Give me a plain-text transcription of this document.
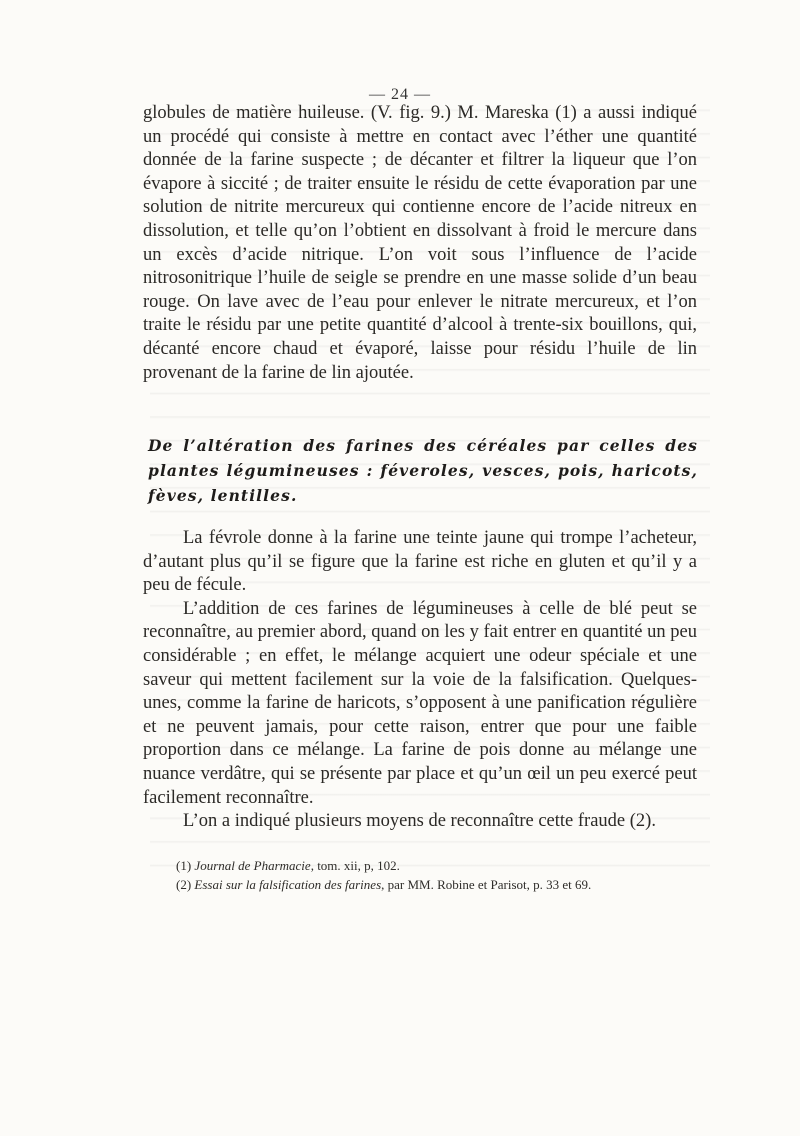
— 24 —

globules de matière huileuse. (V. fig. 9.) M. Mareska (1) a aussi indiqué un procédé qui consiste à mettre en contact avec l’éther une quantité donnée de la farine suspecte ; de décanter et filtrer la liqueur que l’on évapore à siccité ; de traiter ensuite le résidu de cette évaporation par une solution de nitrite mercureux qui contienne encore de l’acide nitreux en dissolution, et telle qu’on l’obtient en dissolvant à froid le mercure dans un excès d’acide nitrique. L’on voit sous l’influence de l’acide nitrosonitrique l’huile de seigle se prendre en une masse solide d’un beau rouge. On lave avec de l’eau pour enlever le nitrate mercureux, et l’on traite le résidu par une petite quantité d’alcool à trente-six bouillons, qui, décanté encore chaud et évaporé, laisse pour résidu l’huile de lin provenant de la farine de lin ajoutée.

De l’altération des farines des céréales par celles des plantes légumineuses : féveroles, vesces, pois, haricots, fèves, lentilles.

La févrole donne à la farine une teinte jaune qui trompe l’acheteur, d’autant plus qu’il se figure que la farine est riche en gluten et qu’il y a peu de fécule.

L’addition de ces farines de légumineuses à celle de blé peut se reconnaître, au premier abord, quand on les y fait entrer en quantité un peu considérable ; en effet, le mélange acquiert une odeur spéciale et une saveur qui mettent facilement sur la voie de la falsification. Quelques-unes, comme la farine de haricots, s’opposent à une panification régulière et ne peuvent jamais, pour cette raison, entrer que pour une faible proportion dans ce mélange. La farine de pois donne au mélange une nuance verdâtre, qui se présente par place et qu’un œil un peu exercé peut facilement reconnaître.

L’on a indiqué plusieurs moyens de reconnaître cette fraude (2).

(1) Journal de Pharmacie, tom. xii, p, 102.

(2) Essai sur la falsification des farines, par MM. Robine et Parisot, p. 33 et 69.
